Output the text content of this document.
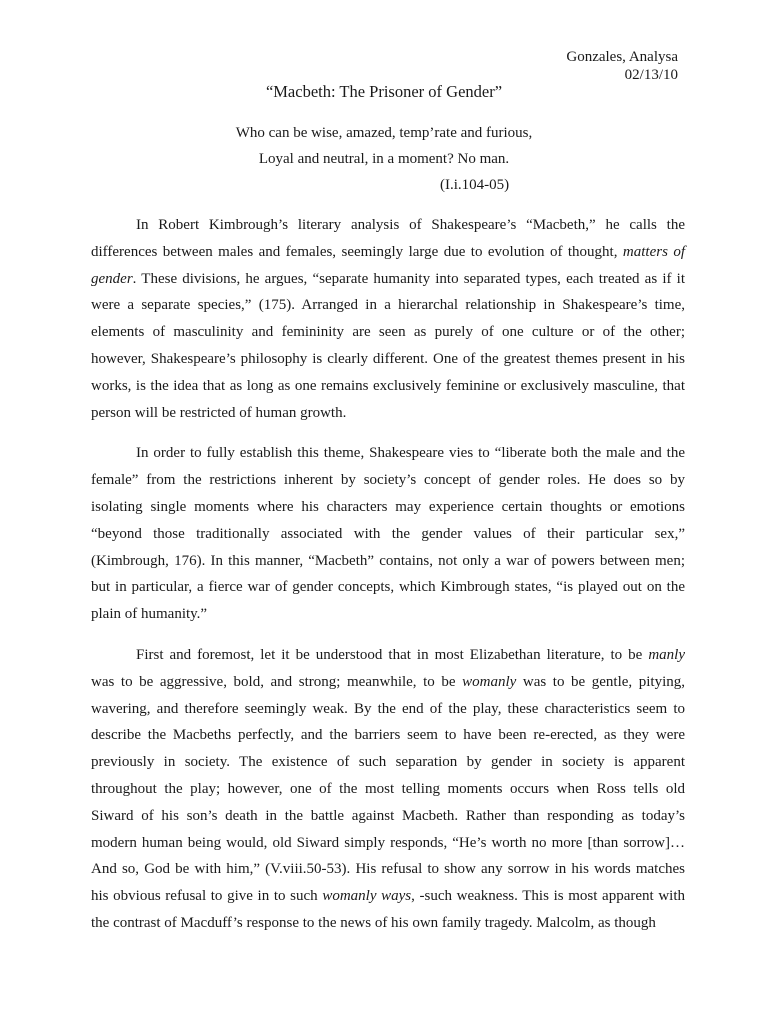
Gonzales, Analysa
02/13/10
“Macbeth: The Prisoner of Gender”
Who can be wise, amazed, temp’rate and furious,
Loyal and neutral, in a moment? No man.
(I.i.104-05)
In Robert Kimbrough’s literary analysis of Shakespeare’s “Macbeth,” he calls the
differences between males and females, seemingly large due to evolution of thought, matters of
gender. These divisions, he argues, “separate humanity into separated types, each treated as if it
were a separate species,” (175). Arranged in a hierarchal relationship in Shakespeare’s time,
elements of masculinity and femininity are seen as purely of one culture or of the other;
however, Shakespeare’s philosophy is clearly different. One of the greatest themes present in his
works, is the idea that as long as one remains exclusively feminine or exclusively masculine, that
person will be restricted of human growth.
In order to fully establish this theme, Shakespeare vies to “liberate both the male and the
female” from the restrictions inherent by society’s concept of gender roles. He does so by
isolating single moments where his characters may experience certain thoughts or emotions
“beyond those traditionally associated with the gender values of their particular sex,”
(Kimbrough, 176). In this manner, “Macbeth” contains, not only a war of powers between men;
but in particular, a fierce war of gender concepts, which Kimbrough states, “is played out on the
plain of humanity.”
First and foremost, let it be understood that in most Elizabethan literature, to be manly
was to be aggressive, bold, and strong; meanwhile, to be womanly was to be gentle, pitying,
wavering, and therefore seemingly weak. By the end of the play, these characteristics seem to
describe the Macbeths perfectly, and the barriers seem to have been re-erected, as they were
previously in society. The existence of such separation by gender in society is apparent
throughout the play; however, one of the most telling moments occurs when Ross tells old
Siward of his son’s death in the battle against Macbeth. Rather than responding as today’s
modern human being would, old Siward simply responds, “He’s worth no more [than sorrow]…
And so, God be with him,” (V.viii.50-53). His refusal to show any sorrow in his words matches
his obvious refusal to give in to such womanly ways, -such weakness. This is most apparent with
the contrast of Macduff’s response to the news of his own family tragedy. Malcolm, as though
